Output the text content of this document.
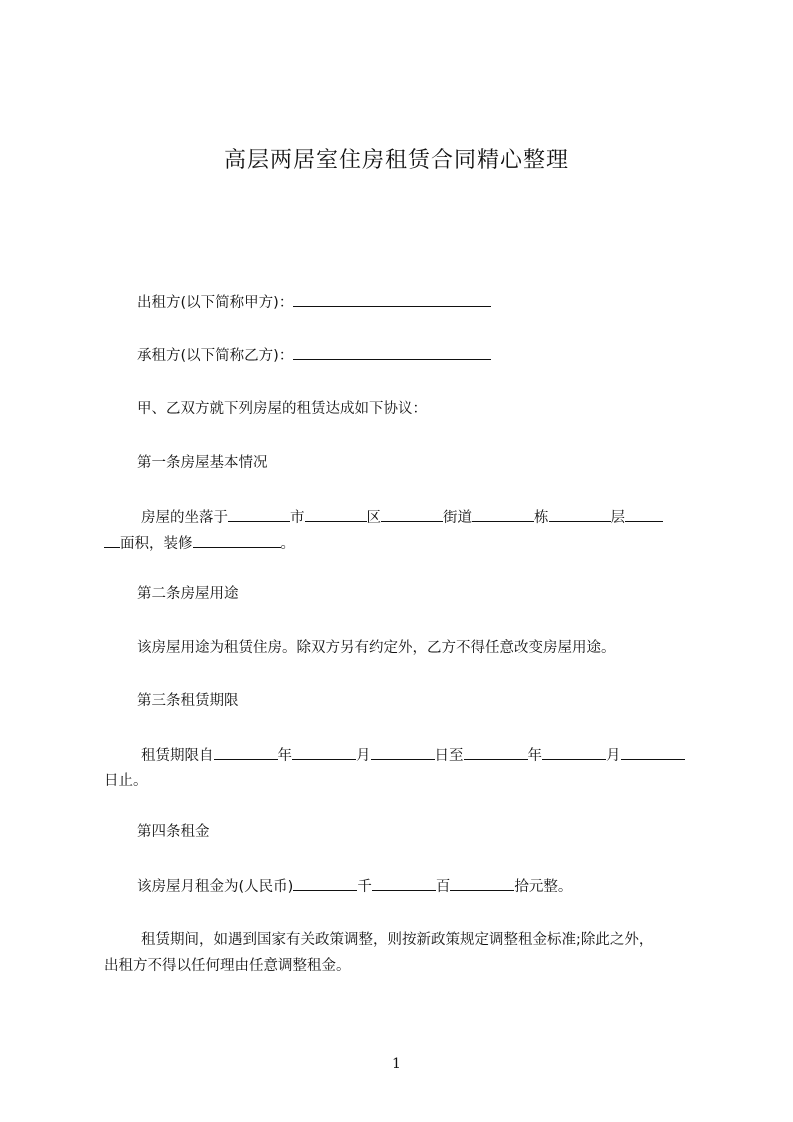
高层两居室住房租赁合同精心整理
出租方(以下简称甲方)：
承租方(以下简称乙方)：
甲、乙双方就下列房屋的租赁达成如下协议：
第一条房屋基本情况
房屋的坐落于	市	区	街道	栋	层
面积，装修	。
第二条房屋用途
该房屋用途为租赁住房。除双方另有约定外，乙方不得任意改变房屋用途。
第三条租赁期限
租赁期限自	年	月	日至	年	月
日止。
第四条租金
该房屋月租金为(人民币)	千	百	拾元整。
租赁期间，如遇到国家有关政策调整，则按新政策规定调整租金标准;除此之外，
出租方不得以任何理由任意调整租金。
1
